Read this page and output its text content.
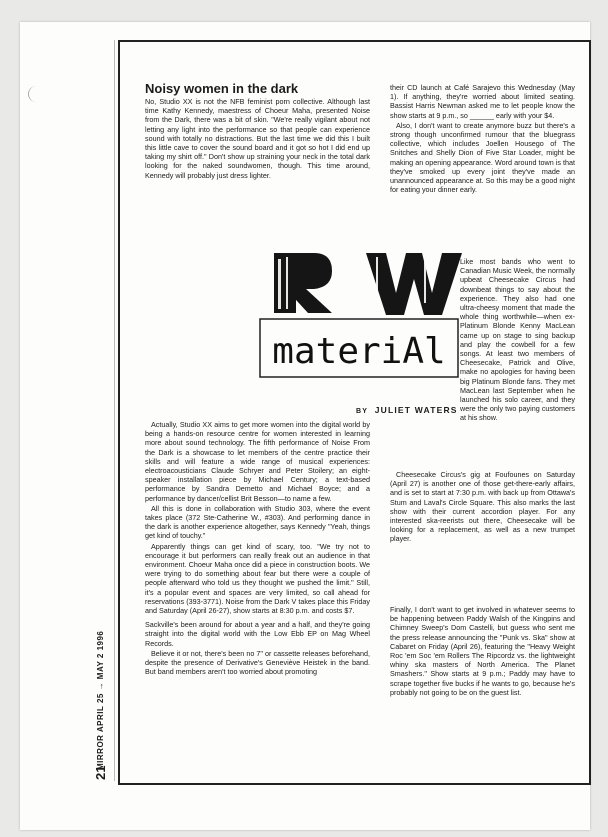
Noisy women in the dark

No, Studio XX is not the NFB feminist porn collective. Although last time Kathy Kennedy, maestress of Choeur Maha, presented Noise from the Dark, there was a bit of skin. "We're really vigilant about not letting any light into the performance so that people can experience sound with totally no distractions. But the last time we did this I built this little cave to cover the sound board and it got so hot I did end up taking my shirt off." Don't show up straining your neck in the total dark looking for the naked soundwomen, though. This time around, Kennedy will probably just dress lighter.

materiAl
BY JULIET WATERS

their CD launch at Café Sarajevo this Wednesday (May 1). If anything, they're worried about limited seating. Bassist Harris Newman asked me to let people know the show starts at 9 p.m., so ______ early with your $4.

Also, I don't want to create anymore buzz but there's a strong though unconfirmed rumour that the bluegrass collective, which includes Joellen Housego of The Snitches and Shelly Dion of Five Star Loader, might be making an opening appearance. Word around town is that they've smoked up every joint they've made an unannounced appearance at. So this may be a good night for eating your dinner early.

Like most bands who went to Canadian Music Week, the normally upbeat Cheesecake Circus had downbeat things to say about the experience. They also had one ultra-cheesy moment that made the whole thing worthwhile—when ex-Platinum Blonde Kenny MacLean came up on stage to sing backup and play the cowbell for a few songs. At least two members of Cheesecake, Patrick and Olive, make no apologies for having been big Platinum Blonde fans. They met MacLean last September when he launched his solo career, and they were the only two paying customers at his show.

Finally, I don't want to get involved in whatever seems to be happening between Paddy Walsh of the Kingpins and Chimney Sweep's Dom Castelli, but guess who sent me the press release announcing the "Punk vs. Ska" show at Cabaret on Friday (April 26), featuring the "Heavy Weight Roc 'em Soc 'em Rollers The Ripcordz vs. the lightweight whiny ska masters of North America. The Planet Smashers." Show starts at 9 p.m.; Paddy may have to scrape together five bucks if he wants to go, because he's probably not going to be on the guest list.

Cheesecake Circus's gig at Foufounes on Saturday (April 27) is another one of those get-there-early affairs, and is set to start at 7:30 p.m. with back up from Ottawa's Stum and Laval's Circle Square. This also marks the last show with their current accordion player. For any interested ska-reerists out there, Cheesecake will be looking for a replacement, as well as a new trumpet player.

Actually, Studio XX aims to get more women into the digital world by being a hands-on resource centre for women interested in learning more about sound technology. The fifth performance of Noise From the Dark is a showcase to let members of the centre practice their skills and will feature a wide range of musical experiences: electroacousticians Claude Schryer and Peter Stoilery; an eight-speaker installation piece by Michael Century; a text-based performance by Sandra Demetto and Michael Boyce; and a performance by dancer/cellist Brit Besson—to name a few.

All this is done in collaboration with Studio 303, where the event takes place (372 Ste-Catherine W., #303). And performing dance in the dark is another experience altogether, says Kennedy "Yeah, things get kind of touchy."

Apparently things can get kind of scary, too. "We try not to encourage it but performers can really freak out an audience in that environment. Choeur Maha once did a piece in construction boots. We were trying to do something about fear but there were a couple of people afterward who told us they thought we pushed the limit." Still, it's a popular event and spaces are very limited, so call ahead for reservations (393-3771). Noise from the Dark V takes place this Friday and Saturday (April 26-27), show starts at 8:30 p.m. and costs $7.

Sackville's been around for about a year and a half, and they're going straight into the digital world with the Low Ebb EP on Mag Wheel Records.

Believe it or not, there's been no 7" or cassette releases beforehand, despite the presence of Derivative's Geneviève Heistek in the band. But band members aren't too worried about promoting

MIRROR APRIL 25 → MAY 2 1996
21
